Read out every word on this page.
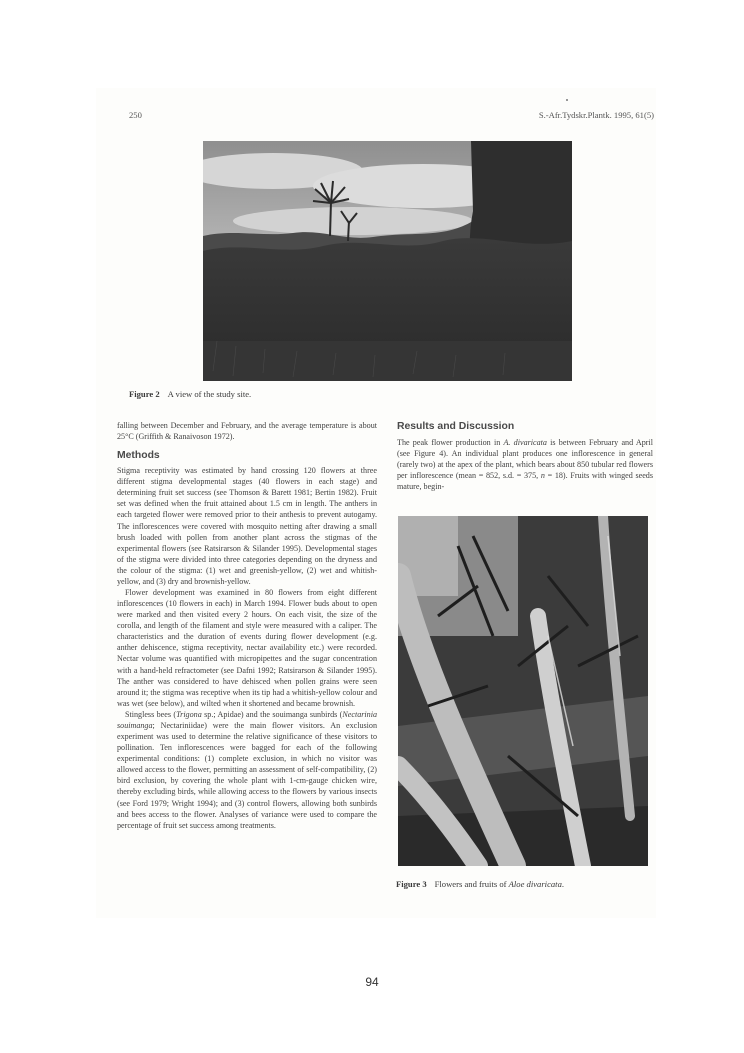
250	S.-Afr.Tydskr.Plantk. 1995, 61(5)
Figure 2 A view of the study site.

falling between December and February, and the average temperature is about 25°C (Griffith & Ranaivoson 1972).

Methods

Stigma receptivity was estimated by hand crossing 120 flowers at three different stigma developmental stages (40 flowers in each stage) and determining fruit set success (see Thomson & Barett 1981; Bertin 1982). Fruit set was defined when the fruit attained about 1.5 cm in length. The anthers in each targeted flower were removed prior to their anthesis to prevent autogamy. The inflorescences were covered with mosquito netting after drawing a small brush loaded with pollen from another plant across the stigmas of the experimental flowers (see Ratsirarson & Silander 1995). Developmental stages of the stigma were divided into three categories depending on the dryness and the colour of the stigma: (1) wet and greenish-yellow, (2) wet and whitish-yellow, and (3) dry and brownish-yellow.

Flower development was examined in 80 flowers from eight different inflorescences (10 flowers in each) in March 1994. Flower buds about to open were marked and then visited every 2 hours. On each visit, the size of the corolla, and length of the filament and style were measured with a caliper. The characteristics and the duration of events during flower development (e.g. anther dehiscence, stigma receptivity, nectar availability etc.) were recorded. Nectar volume was quantified with micropipettes and the sugar concentration with a hand-held refractometer (see Dafni 1992; Ratsirarson & Silander 1995). The anther was considered to have dehisced when pollen grains were seen around it; the stigma was receptive when its tip had a whitish-yellow colour and was wet (see below), and wilted when it shortened and became brownish.

Stingless bees (Trigona sp.; Apidae) and the souimanga sunbirds (Nectarinia souimanga; Nectariniidae) were the main flower visitors. An exclusion experiment was used to determine the relative significance of these visitors to pollination. Ten inflorescences were bagged for each of the following experimental conditions: (1) complete exclusion, in which no visitor was allowed access to the flower, permitting an assessment of self-compatibility, (2) bird exclusion, by covering the whole plant with 1-cm-gauge chicken wire, thereby excluding birds, while allowing access to the flowers by various insects (see Ford 1979; Wright 1994); and (3) control flowers, allowing both sunbirds and bees access to the flower. Analyses of variance were used to compare the percentage of fruit set success among treatments.

Results and Discussion

The peak flower production in A. divaricata is between February and April (see Figure 4). An individual plant produces one inflorescence in general (rarely two) at the apex of the plant, which bears about 850 tubular red flowers per inflorescence (mean = 852, s.d. = 375, n = 18). Fruits with winged seeds mature, begin-

Figure 3 Flowers and fruits of Aloe divaricata.
94
